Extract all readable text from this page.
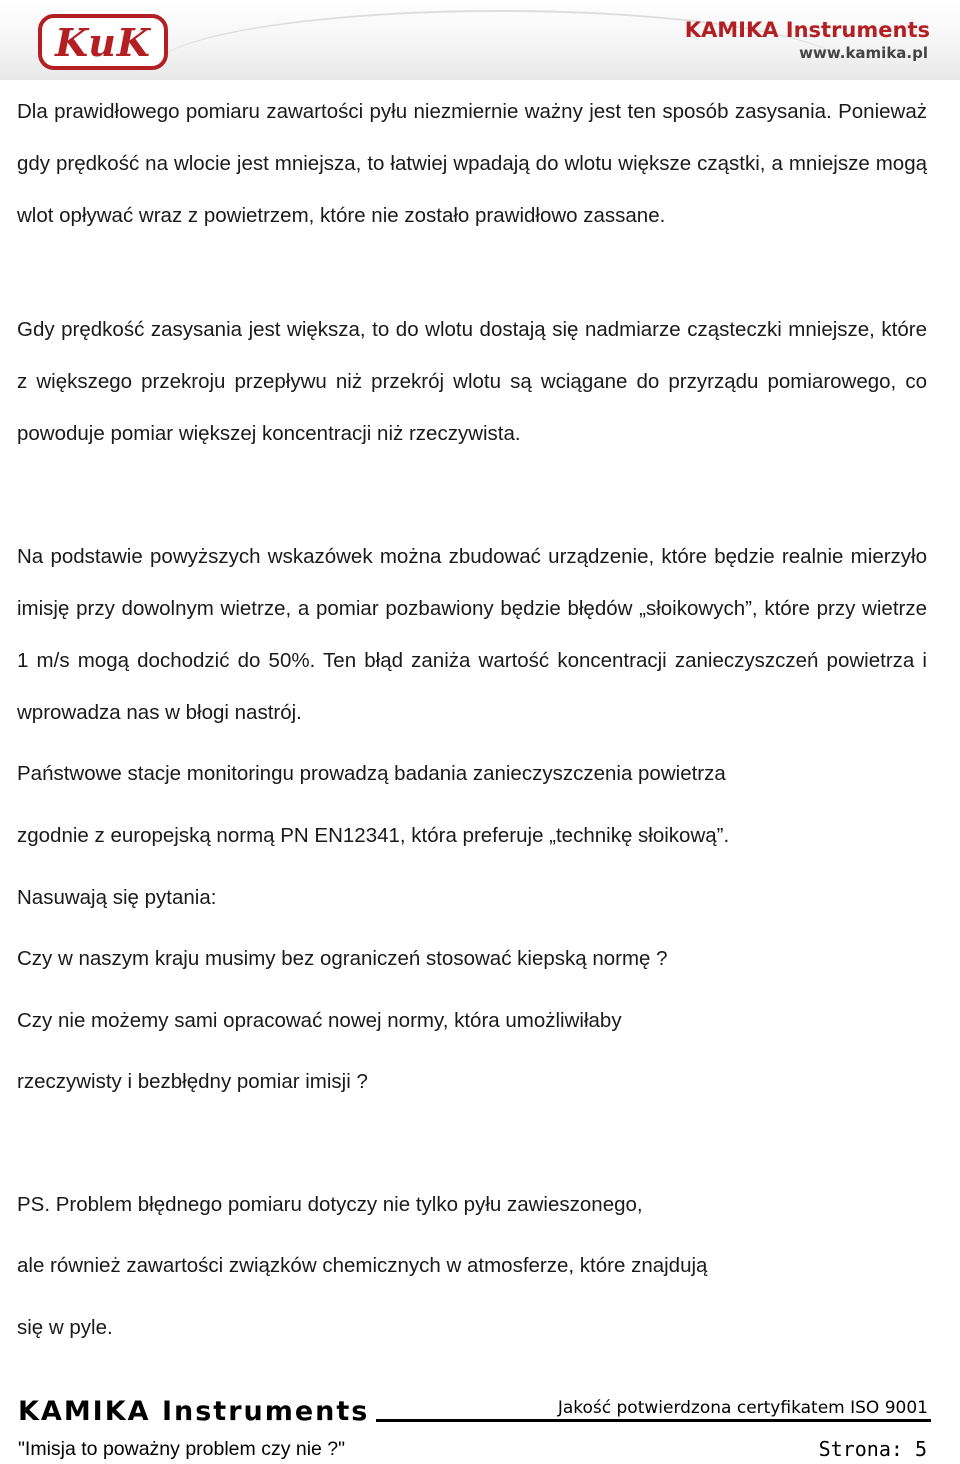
KuK	KAMIKA Instruments
www.kamika.pl

Dla prawidłowego pomiaru zawartości pyłu niezmiernie ważny jest ten sposób zasysania. Ponieważ gdy prędkość na wlocie jest mniejsza, to łatwiej wpadają do wlotu większe cząstki, a mniejsze mogą wlot opływać wraz z powietrzem, które nie zostało prawidłowo zassane.

Gdy prędkość zasysania jest większa, to do wlotu dostają się nadmiarze cząsteczki mniejsze, które z większego przekroju przepływu niż przekrój wlotu są wciągane do przyrządu pomiarowego, co powoduje pomiar większej koncentracji niż rzeczywista.

Na podstawie powyższych wskazówek można zbudować urządzenie, które będzie realnie mierzyło imisję przy dowolnym wietrze, a pomiar pozbawiony będzie błędów „słoikowych”, które przy wietrze 1 m/s mogą dochodzić do 50%. Ten błąd zaniża wartość koncentracji zanieczyszczeń powietrza i wprowadza nas w błogi nastrój.

Państwowe stacje monitoringu prowadzą badania zanieczyszczenia powietrza

zgodnie z europejską normą PN EN12341, która preferuje „technikę słoikową”.

Nasuwają się pytania:

Czy w naszym kraju musimy bez ograniczeń stosować kiepską normę ?

Czy nie możemy sami opracować nowej normy, która umożliwiłaby

rzeczywisty i bezbłędny pomiar imisji ?

PS. Problem błędnego pomiaru dotyczy nie tylko pyłu zawieszonego,

ale również zawartości związków chemicznych w atmosferze, które znajdują

się w pyle.

KAMIKA Instruments	Jakość potwierdzona certyfikatem ISO 9001
"Imisja to poważny problem czy nie ?"	Strona: 5
